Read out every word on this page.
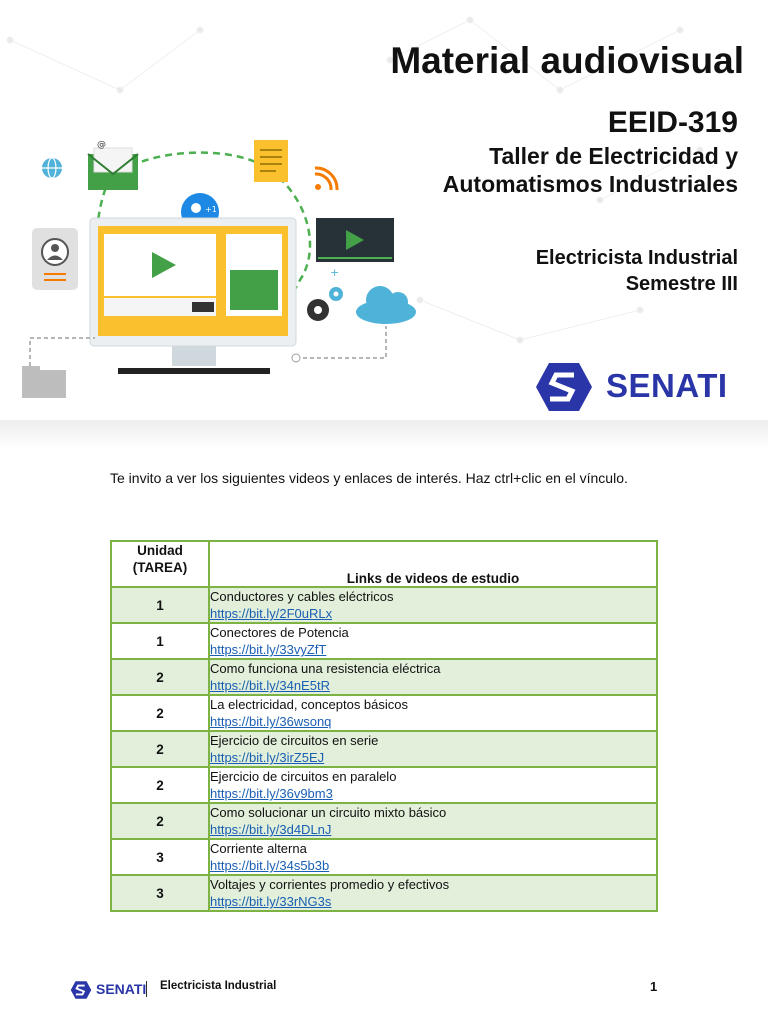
@
+1
+
Material audiovisual
EEID-319
Taller de Electricidad y
Automatismos Industriales
Electricista Industrial
Semestre III
SENATI
Te invito a ver los siguientes videos y enlaces de interés. Haz ctrl+clic en el vínculo.
Unidad
(TAREA)	Links de videos de estudio
1	Conductores y cables eléctricos
https://bit.ly/2F0uRLx
1	Conectores de Potencia
https://bit.ly/33vyZfT
2	Como funciona una resistencia eléctrica
https://bit.ly/34nE5tR
2	La electricidad, conceptos básicos
https://bit.ly/36wsonq
2	Ejercicio de circuitos en serie
https://bit.ly/3irZ5EJ
2	Ejercicio de circuitos en paralelo
https://bit.ly/36v9bm3
2	Como solucionar un circuito mixto básico
https://bit.ly/3d4DLnJ
3	Corriente alterna
https://bit.ly/34s5b3b
3	Voltajes y corrientes promedio y efectivos
https://bit.ly/33rNG3s
SENATI Electricista Industrial	1
